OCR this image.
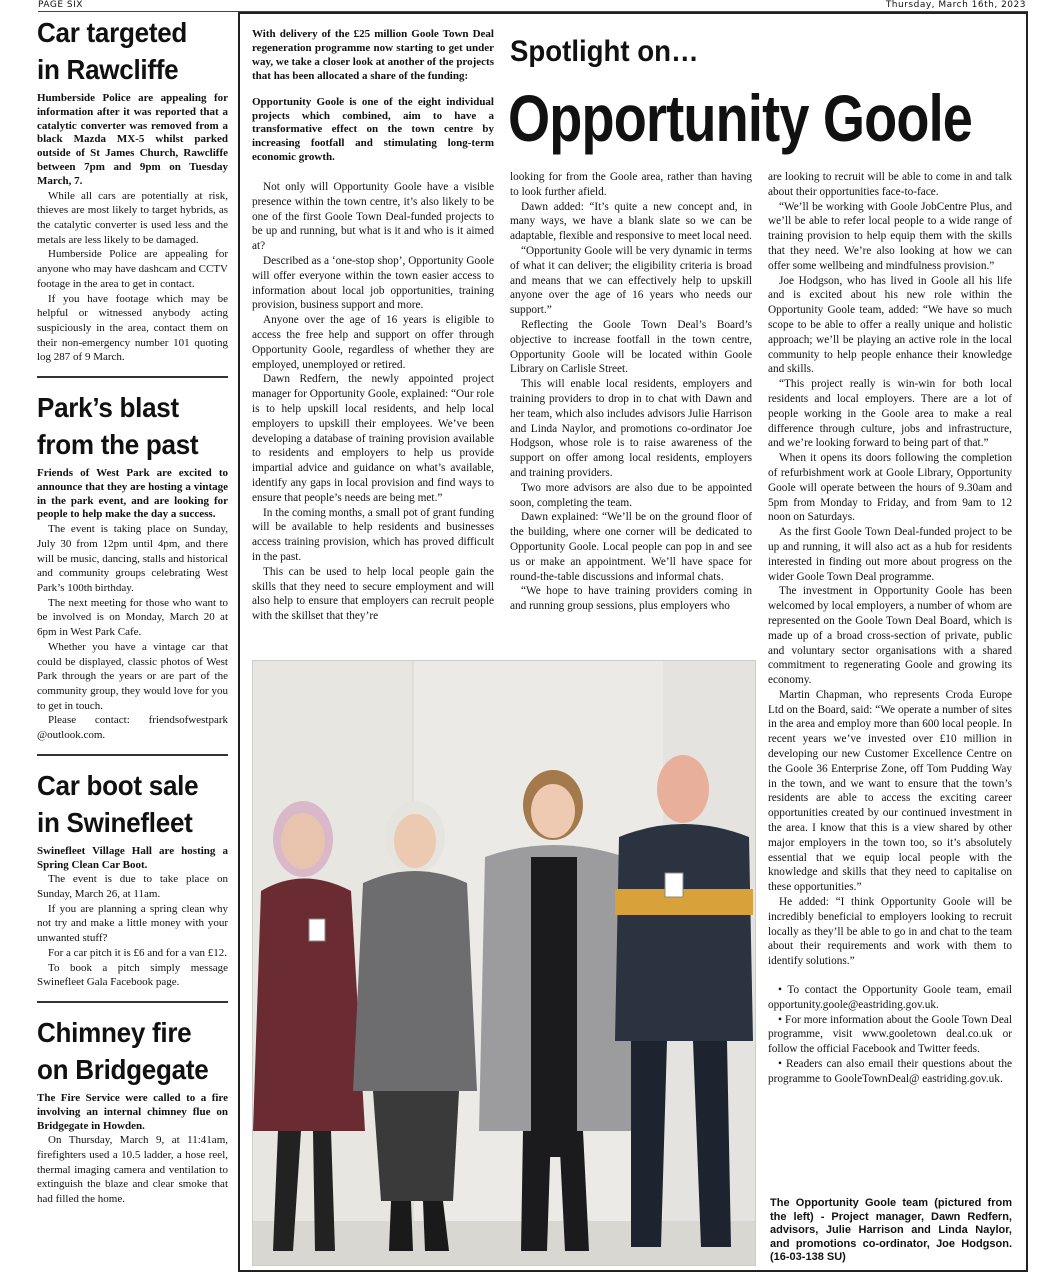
PAGE SIX	Thursday, March 16th, 2023
Car targeted
in Rawcliffe

Humberside Police are appealing for information after it was reported that a catalytic converter was removed from a black Mazda MX-5 whilst parked outside of St James Church, Rawcliffe between 7pm and 9pm on Tuesday March, 7.

While all cars are potentially at risk, thieves are most likely to target hybrids, as the catalytic converter is used less and the metals are less likely to be damaged.

Humberside Police are appealing for anyone who may have dashcam and CCTV footage in the area to get in contact.

If you have footage which may be helpful or witnessed anybody acting suspiciously in the area, contact them on their non-emergency number 101 quoting log 287 of 9 March.

Park’s blast
from the past

Friends of West Park are excited to announce that they are hosting a vintage in the park event, and are looking for people to help make the day a success.

The event is taking place on Sunday, July 30 from 12pm until 4pm, and there will be music, dancing, stalls and historical and community groups celebrating West Park’s 100th birthday.

The next meeting for those who want to be involved is on Monday, March 20 at 6pm in West Park Cafe.

Whether you have a vintage car that could be displayed, classic photos of West Park through the years or are part of the community group, they would love for you to get in touch.

Please contact: friendsofwestpark @outlook.com.

Car boot sale
in Swinefleet

Swinefleet Village Hall are hosting a Spring Clean Car Boot.

The event is due to take place on Sunday, March 26, at 11am.

If you are planning a spring clean why not try and make a little money with your unwanted stuff?

For a car pitch it is £6 and for a van £12.

To book a pitch simply message Swinefleet Gala Facebook page.

Chimney fire
on Bridgegate

The Fire Service were called to a fire involving an internal chimney flue on Bridgegate in Howden.

On Thursday, March 9, at 11:41am, firefighters used a 10.5 ladder, a hose reel, thermal imaging camera and ventilation to extinguish the blaze and clear smoke that had filled the home.

With delivery of the £25 million Goole Town Deal regeneration programme now starting to get under way, we take a closer look at another of the projects that has been allocated a share of the funding:

Opportunity Goole is one of the eight individual projects which combined, aim to have a transformative effect on the town centre by increasing footfall and stimulating long-term economic growth.

Spotlight on…
Opportunity Goole

Not only will Opportunity Goole have a visible presence within the town centre, it’s also likely to be one of the first Goole Town Deal-funded projects to be up and running, but what is it and who is it aimed at?

Described as a ‘one-stop shop’, Opportunity Goole will offer everyone within the town easier access to information about local job opportunities, training provision, business support and more.

Anyone over the age of 16 years is eligible to access the free help and support on offer through Opportunity Goole, regardless of whether they are employed, unemployed or retired.

Dawn Redfern, the newly appointed project manager for Opportunity Goole, explained: “Our role is to help upskill local residents, and help local employers to upskill their employees. We’ve been developing a database of training provision available to residents and employers to help us provide impartial advice and guidance on what’s available, identify any gaps in local provision and find ways to ensure that people’s needs are being met.”

In the coming months, a small pot of grant funding will be available to help residents and businesses access training provision, which has proved difficult in the past.

This can be used to help local people gain the skills that they need to secure employment and will also help to ensure that employers can recruit people with the skillset that they’re

looking for from the Goole area, rather than having to look further afield.

Dawn added: “It’s quite a new concept and, in many ways, we have a blank slate so we can be adaptable, flexible and responsive to meet local need.

“Opportunity Goole will be very dynamic in terms of what it can deliver; the eligibility criteria is broad and means that we can effectively help to upskill anyone over the age of 16 years who needs our support.”

Reflecting the Goole Town Deal’s Board’s objective to increase footfall in the town centre, Opportunity Goole will be located within Goole Library on Carlisle Street.

This will enable local residents, employers and training providers to drop in to chat with Dawn and her team, which also includes advisors Julie Harrison and Linda Naylor, and promotions co-ordinator Joe Hodgson, whose role is to raise awareness of the support on offer among local residents, employers and training providers.

Two more advisors are also due to be appointed soon, completing the team.

Dawn explained: “We’ll be on the ground floor of the building, where one corner will be dedicated to Opportunity Goole. Local people can pop in and see us or make an appointment. We’ll have space for round-the-table discussions and informal chats.

“We hope to have training providers coming in and running group sessions, plus employers who

are looking to recruit will be able to come in and talk about their opportunities face-to-face.

“We’ll be working with Goole JobCentre Plus, and we’ll be able to refer local people to a wide range of training provision to help equip them with the skills that they need. We’re also looking at how we can offer some wellbeing and mindfulness provision.”

Joe Hodgson, who has lived in Goole all his life and is excited about his new role within the Opportunity Goole team, added: “We have so much scope to be able to offer a really unique and holistic approach; we’ll be playing an active role in the local community to help people enhance their knowledge and skills.

“This project really is win-win for both local residents and local employers. There are a lot of people working in the Goole area to make a real difference through culture, jobs and infrastructure, and we’re looking forward to being part of that.”

When it opens its doors following the completion of refurbishment work at Goole Library, Opportunity Goole will operate between the hours of 9.30am and 5pm from Monday to Friday, and from 9am to 12 noon on Saturdays.

As the first Goole Town Deal-funded project to be up and running, it will also act as a hub for residents interested in finding out more about progress on the wider Goole Town Deal programme.

The investment in Opportunity Goole has been welcomed by local employers, a number of whom are represented on the Goole Town Deal Board, which is made up of a broad cross-section of private, public and voluntary sector organisations with a shared commitment to regenerating Goole and growing its economy.

Martin Chapman, who represents Croda Europe Ltd on the Board, said: “We operate a number of sites in the area and employ more than 600 local people. In recent years we’ve invested over £10 million in developing our new Customer Excellence Centre on the Goole 36 Enterprise Zone, off Tom Pudding Way in the town, and we want to ensure that the town’s residents are able to access the exciting career opportunities created by our continued investment in the area. I know that this is a view shared by other major employers in the town too, so it’s absolutely essential that we equip local people with the knowledge and skills that they need to capitalise on these opportunities.”

He added: “I think Opportunity Goole will be incredibly beneficial to employers looking to recruit locally as they’ll be able to go in and chat to the team about their requirements and work with them to identify solutions.”

• To contact the Opportunity Goole team, email opportunity.goole@eastriding.gov.uk.

• For more information about the Goole Town Deal programme, visit www.gooletown deal.co.uk or follow the official Facebook and Twitter feeds.

• Readers can also email their questions about the programme to GooleTownDeal@ eastriding.gov.uk.

The Opportunity Goole team (pictured from the left) - Project manager, Dawn Redfern, advisors, Julie Harrison and Linda Naylor, and promotions co-ordinator, Joe Hodgson. (16-03-138 SU)
